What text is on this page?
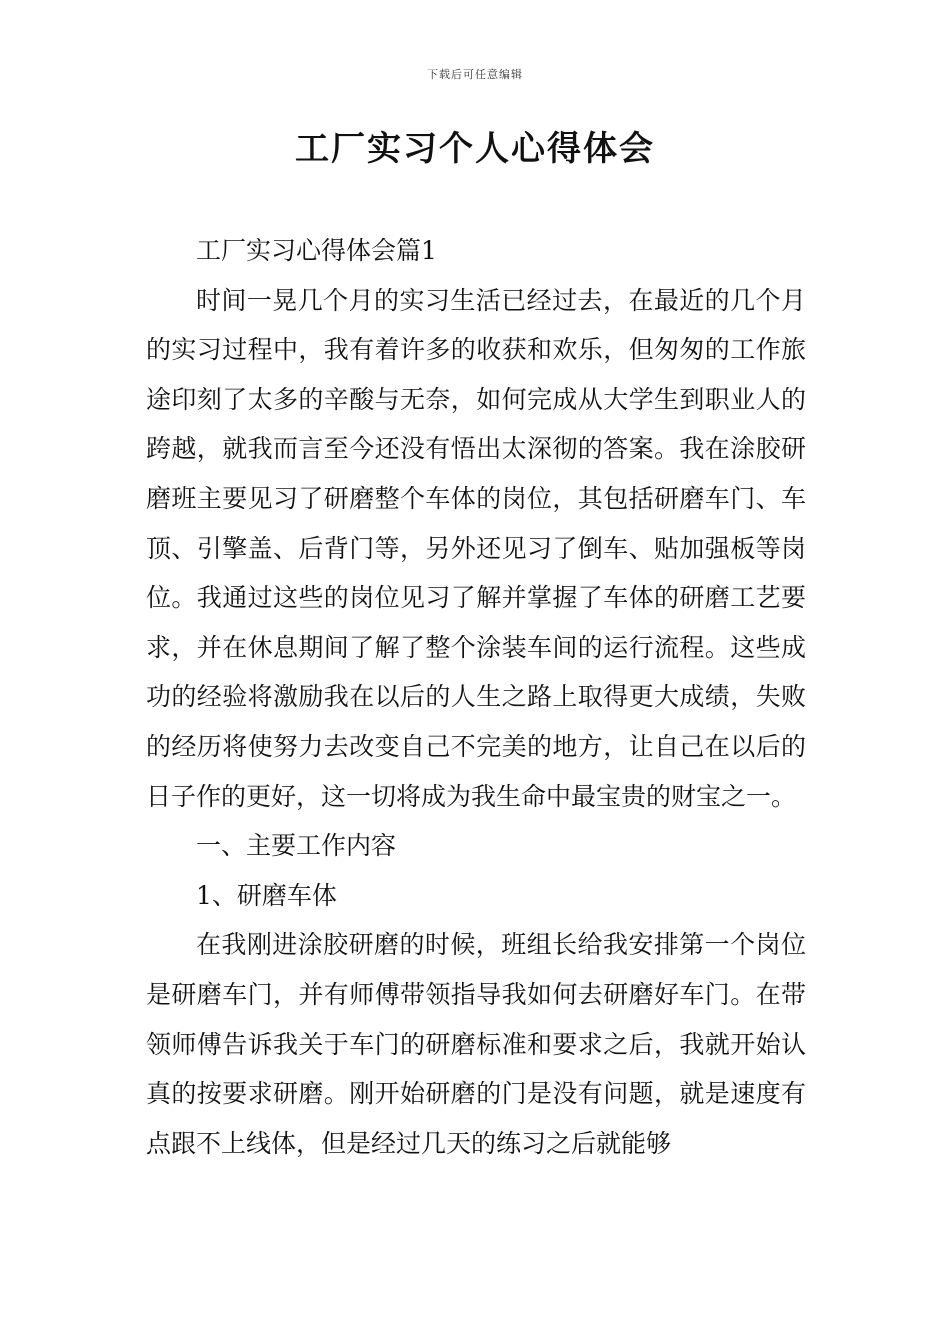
下载后可任意编辑
工厂实习个人心得体会

工厂实习心得体会篇1

时间一晃几个月的实习生活已经过去，在最近的几个月的实习过程中，我有着许多的收获和欢乐，但匆匆的工作旅途印刻了太多的辛酸与无奈，如何完成从大学生到职业人的跨越，就我而言至今还没有悟出太深彻的答案。我在涂胶研磨班主要见习了研磨整个车体的岗位，其包括研磨车门、车顶、引擎盖、后背门等，另外还见习了倒车、贴加强板等岗位。我通过这些的岗位见习了解并掌握了车体的研磨工艺要求，并在休息期间了解了整个涂装车间的运行流程。这些成功的经验将激励我在以后的人生之路上取得更大成绩，失败的经历将使努力去改变自己不完美的地方，让自己在以后的日子作的更好，这一切将成为我生命中最宝贵的财宝之一。

一、主要工作内容

1、研磨车体

在我刚进涂胶研磨的时候，班组长给我安排第一个岗位是研磨车门，并有师傅带领指导我如何去研磨好车门。在带领师傅告诉我关于车门的研磨标准和要求之后，我就开始认真的按要求研磨。刚开始研磨的门是没有问题，就是速度有点跟不上线体，但是经过几天的练习之后就能够
